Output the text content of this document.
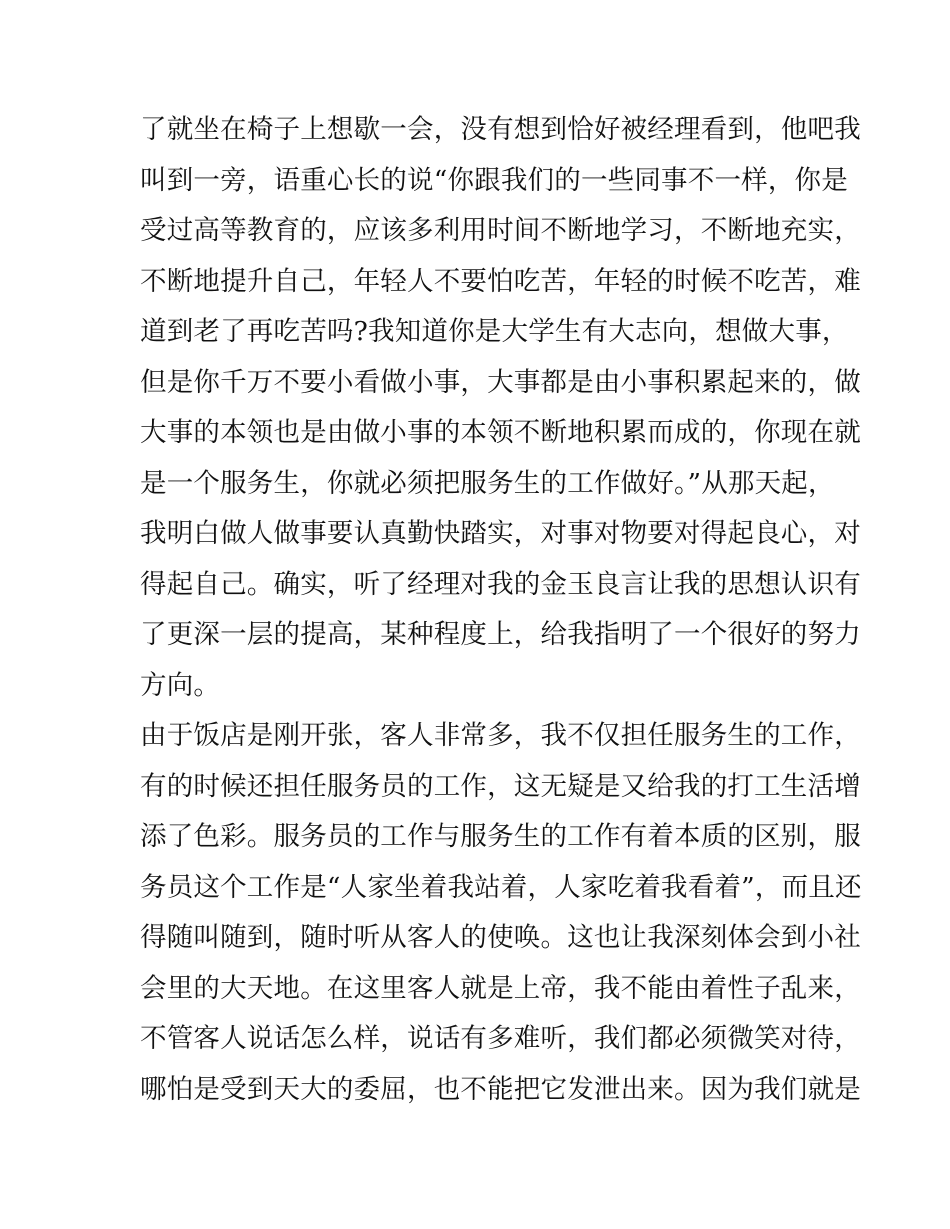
了就坐在椅子上想歇一会，没有想到恰好被经理看到，他吧我
叫到一旁，语重心长的说“你跟我们的一些同事不一样，你是
受过高等教育的，应该多利用时间不断地学习，不断地充实，
不断地提升自己，年轻人不要怕吃苦，年轻的时候不吃苦，难
道到老了再吃苦吗?我知道你是大学生有大志向，想做大事，
但是你千万不要小看做小事，大事都是由小事积累起来的，做
大事的本领也是由做小事的本领不断地积累而成的，你现在就
是一个服务生，你就必须把服务生的工作做好。”从那天起，
我明白做人做事要认真勤快踏实，对事对物要对得起良心，对
得起自己。确实，听了经理对我的金玉良言让我的思想认识有
了更深一层的提高，某种程度上，给我指明了一个很好的努力
方向。
由于饭店是刚开张，客人非常多，我不仅担任服务生的工作，
有的时候还担任服务员的工作，这无疑是又给我的打工生活增
添了色彩。服务员的工作与服务生的工作有着本质的区别，服
务员这个工作是“人家坐着我站着，人家吃着我看着”，而且还
得随叫随到，随时听从客人的使唤。这也让我深刻体会到小社
会里的大天地。在这里客人就是上帝，我不能由着性子乱来，
不管客人说话怎么样，说话有多难听，我们都必须微笑对待，
哪怕是受到天大的委屈，也不能把它发泄出来。因为我们就是
